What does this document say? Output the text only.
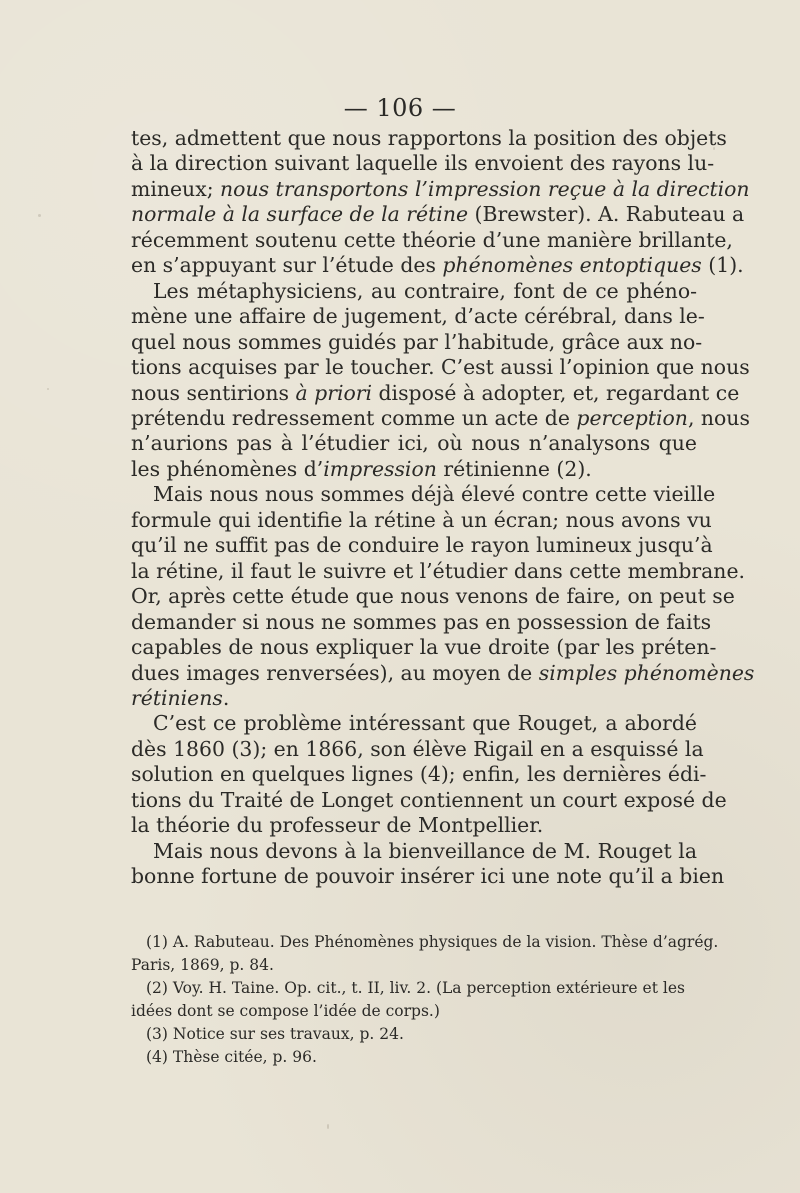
— 106 —
tes, admettent que nous rapportons la position des objets
à la direction suivant laquelle ils envoient des rayons lu-
mineux; nous transportons l’impression reçue à la direction
normale à la surface de la rétine (Brewster). A. Rabuteau a
récemment soutenu cette théorie d’une manière brillante,
en s’appuyant sur l’étude des phénomènes entoptiques (1).
Les métaphysiciens, au contraire, font de ce phéno-
mène une affaire de jugement, d’acte cérébral, dans le-
quel nous sommes guidés par l’habitude, grâce aux no-
tions acquises par le toucher. C’est aussi l’opinion que nous
nous sentirions à priori disposé à adopter, et, regardant ce
prétendu redressement comme un acte de perception, nous
n’aurions pas à l’étudier ici, où nous n’analysons que
les phénomènes d’impression rétinienne (2).
Mais nous nous sommes déjà élevé contre cette vieille
formule qui identifie la rétine à un écran; nous avons vu
qu’il ne suffit pas de conduire le rayon lumineux jusqu’à
la rétine, il faut le suivre et l’étudier dans cette membrane.
Or, après cette étude que nous venons de faire, on peut se
demander si nous ne sommes pas en possession de faits
capables de nous expliquer la vue droite (par les préten-
dues images renversées), au moyen de simples phénomènes
rétiniens.
C’est ce problème intéressant que Rouget, a abordé
dès 1860 (3); en 1866, son élève Rigail en a esquissé la
solution en quelques lignes (4); enfin, les dernières édi-
tions du Traité de Longet contiennent un court exposé de
la théorie du professeur de Montpellier.
Mais nous devons à la bienveillance de M. Rouget la
bonne fortune de pouvoir insérer ici une note qu’il a bien
(1) A. Rabuteau. Des Phénomènes physiques de la vision. Thèse d’agrég.
Paris, 1869, p. 84.
(2) Voy. H. Taine. Op. cit., t. II, liv. 2. (La perception extérieure et les
idées dont se compose l’idée de corps.)
(3) Notice sur ses travaux, p. 24.
(4) Thèse citée, p. 96.
